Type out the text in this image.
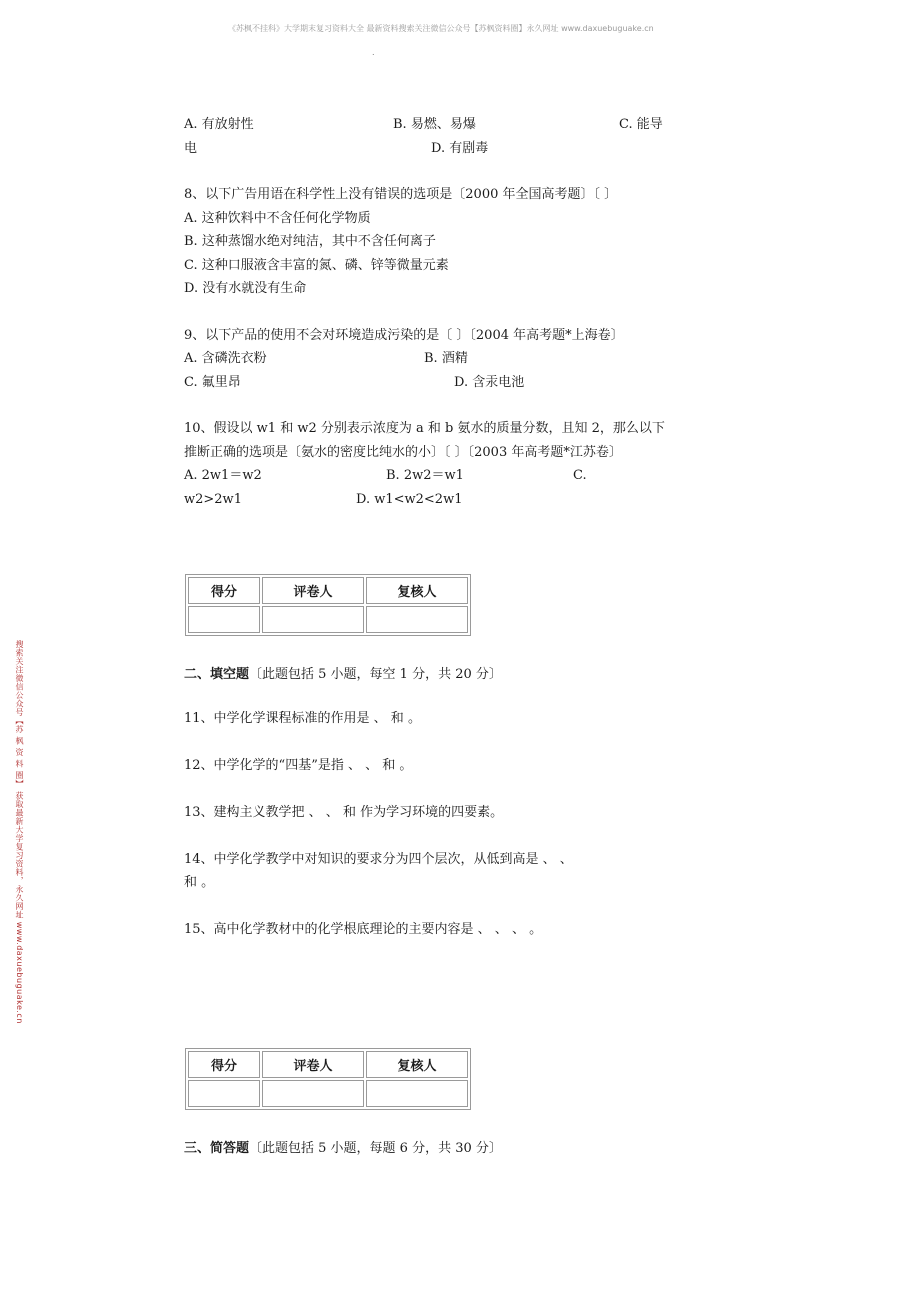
《苏枫不挂科》大学期末复习资料大全 最新资料搜索关注微信公众号【苏枫资料圈】永久网址 www.daxuebuguake.cn
.
搜索关注微信公众号【苏 枫 资 料 圈】 获取最新大学复习资料，永久网址 www.daxuebuguake.cn
A. 有放射性	B. 易燃、易爆	C. 能导
电	D. 有剧毒
8、以下广告用语在科学性上没有错误的选项是〔2000 年全国高考题〕〔 〕
A. 这种饮料中不含任何化学物质
B. 这种蒸馏水绝对纯洁，其中不含任何离子
C. 这种口服液含丰富的氮、磷、锌等微量元素
D. 没有水就没有生命
9、以下产品的使用不会对环境造成污染的是〔 〕〔2004 年高考题*上海卷〕
A. 含磷洗衣粉	B. 酒精
C. 氟里昂	D. 含汞电池
10、假设以 w1 和 w2 分别表示浓度为 a 和 b 氨水的质量分数，且知 2，那么以下
推断正确的选项是〔氨水的密度比纯水的小〕〔 〕〔2003 年高考题*江苏卷〕
A. 2w1＝w2	B. 2w2＝w1	C.
w2>2w1	D. w1<w2<2w1
得分	评卷人	复核人

二、填空题〔此题包括 5 小题，每空 1 分，共 20 分〕
11、中学化学课程标准的作用是 、 和 。
12、中学化学的“四基”是指 、 、 和 。
13、建构主义教学把 、 、 和 作为学习环境的四要素。
14、中学化学教学中对知识的要求分为四个层次，从低到高是 、 、
和 。
15、高中化学教材中的化学根底理论的主要内容是 、 、 、 。
得分	评卷人	复核人

三、简答题〔此题包括 5 小题，每题 6 分，共 30 分〕
